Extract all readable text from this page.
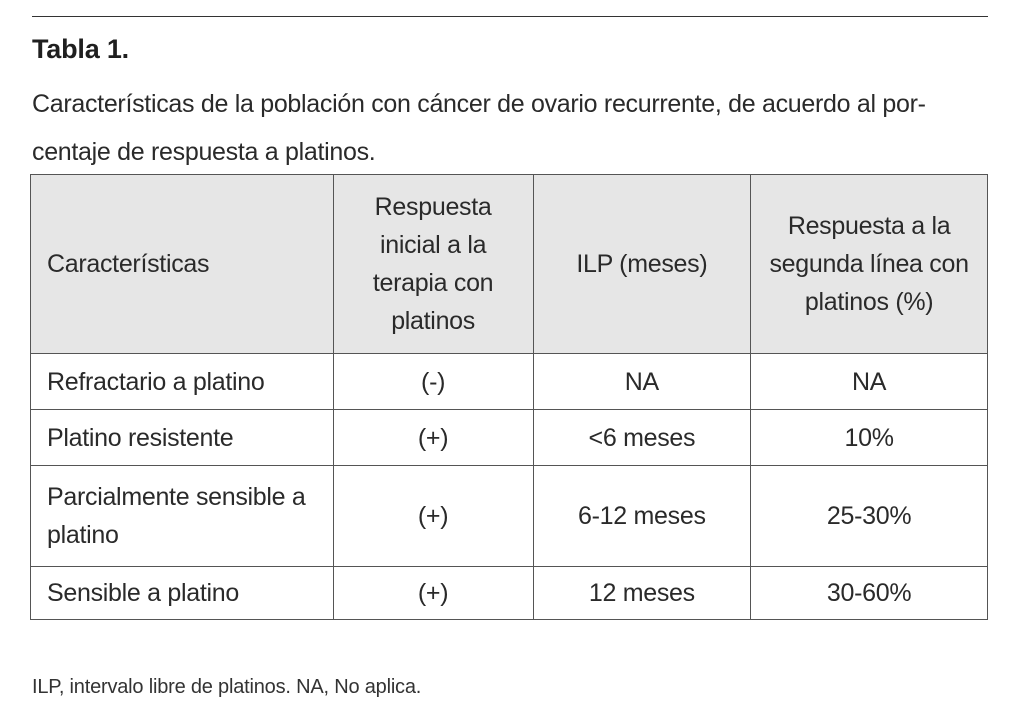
Tabla 1.
Características de la población con cáncer de ovario recurrente, de acuerdo al por- centaje de respuesta a platinos.
Características	Respuesta inicial a la terapia con platinos	ILP (meses)	Respuesta a la segunda línea con platinos (%)
Refractario a platino	(-)	NA	NA
Platino resistente	(+)	<6 meses	10%
Parcialmente sensible a platino	(+)	6-12 meses	25-30%
Sensible a platino	(+)	12 meses	30-60%
ILP, intervalo libre de platinos. NA, No aplica.
